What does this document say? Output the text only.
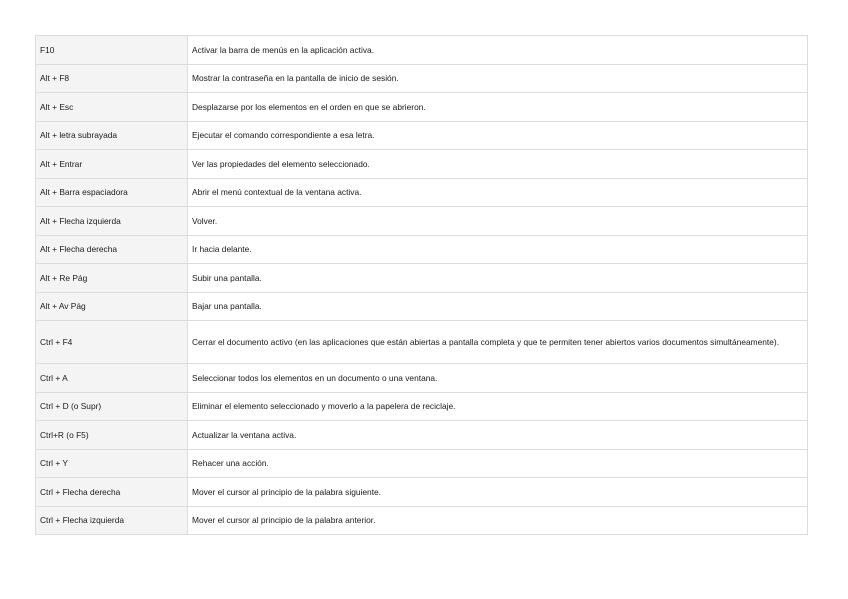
F10	Activar la barra de menús en la aplicación activa.
Alt + F8	Mostrar la contraseña en la pantalla de inicio de sesión.
Alt + Esc	Desplazarse por los elementos en el orden en que se abrieron.
Alt + letra subrayada	Ejecutar el comando correspondiente a esa letra.
Alt + Entrar	Ver las propiedades del elemento seleccionado.
Alt + Barra espaciadora	Abrir el menú contextual de la ventana activa.
Alt + Flecha izquierda	Volver.
Alt + Flecha derecha	Ir hacia delante.
Alt + Re Pág	Subir una pantalla.
Alt + Av Pág	Bajar una pantalla.
Ctrl + F4	Cerrar el documento activo (en las aplicaciones que están abiertas a pantalla completa y que te permiten tener abiertos varios documentos simultáneamente).
Ctrl + A	Seleccionar todos los elementos en un documento o una ventana.
Ctrl + D (o Supr)	Eliminar el elemento seleccionado y moverlo a la papelera de reciclaje.
Ctrl+R (o F5)	Actualizar la ventana activa.
Ctrl + Y	Rehacer una acción.
Ctrl + Flecha derecha	Mover el cursor al principio de la palabra siguiente.
Ctrl + Flecha izquierda	Mover el cursor al principio de la palabra anterior.
